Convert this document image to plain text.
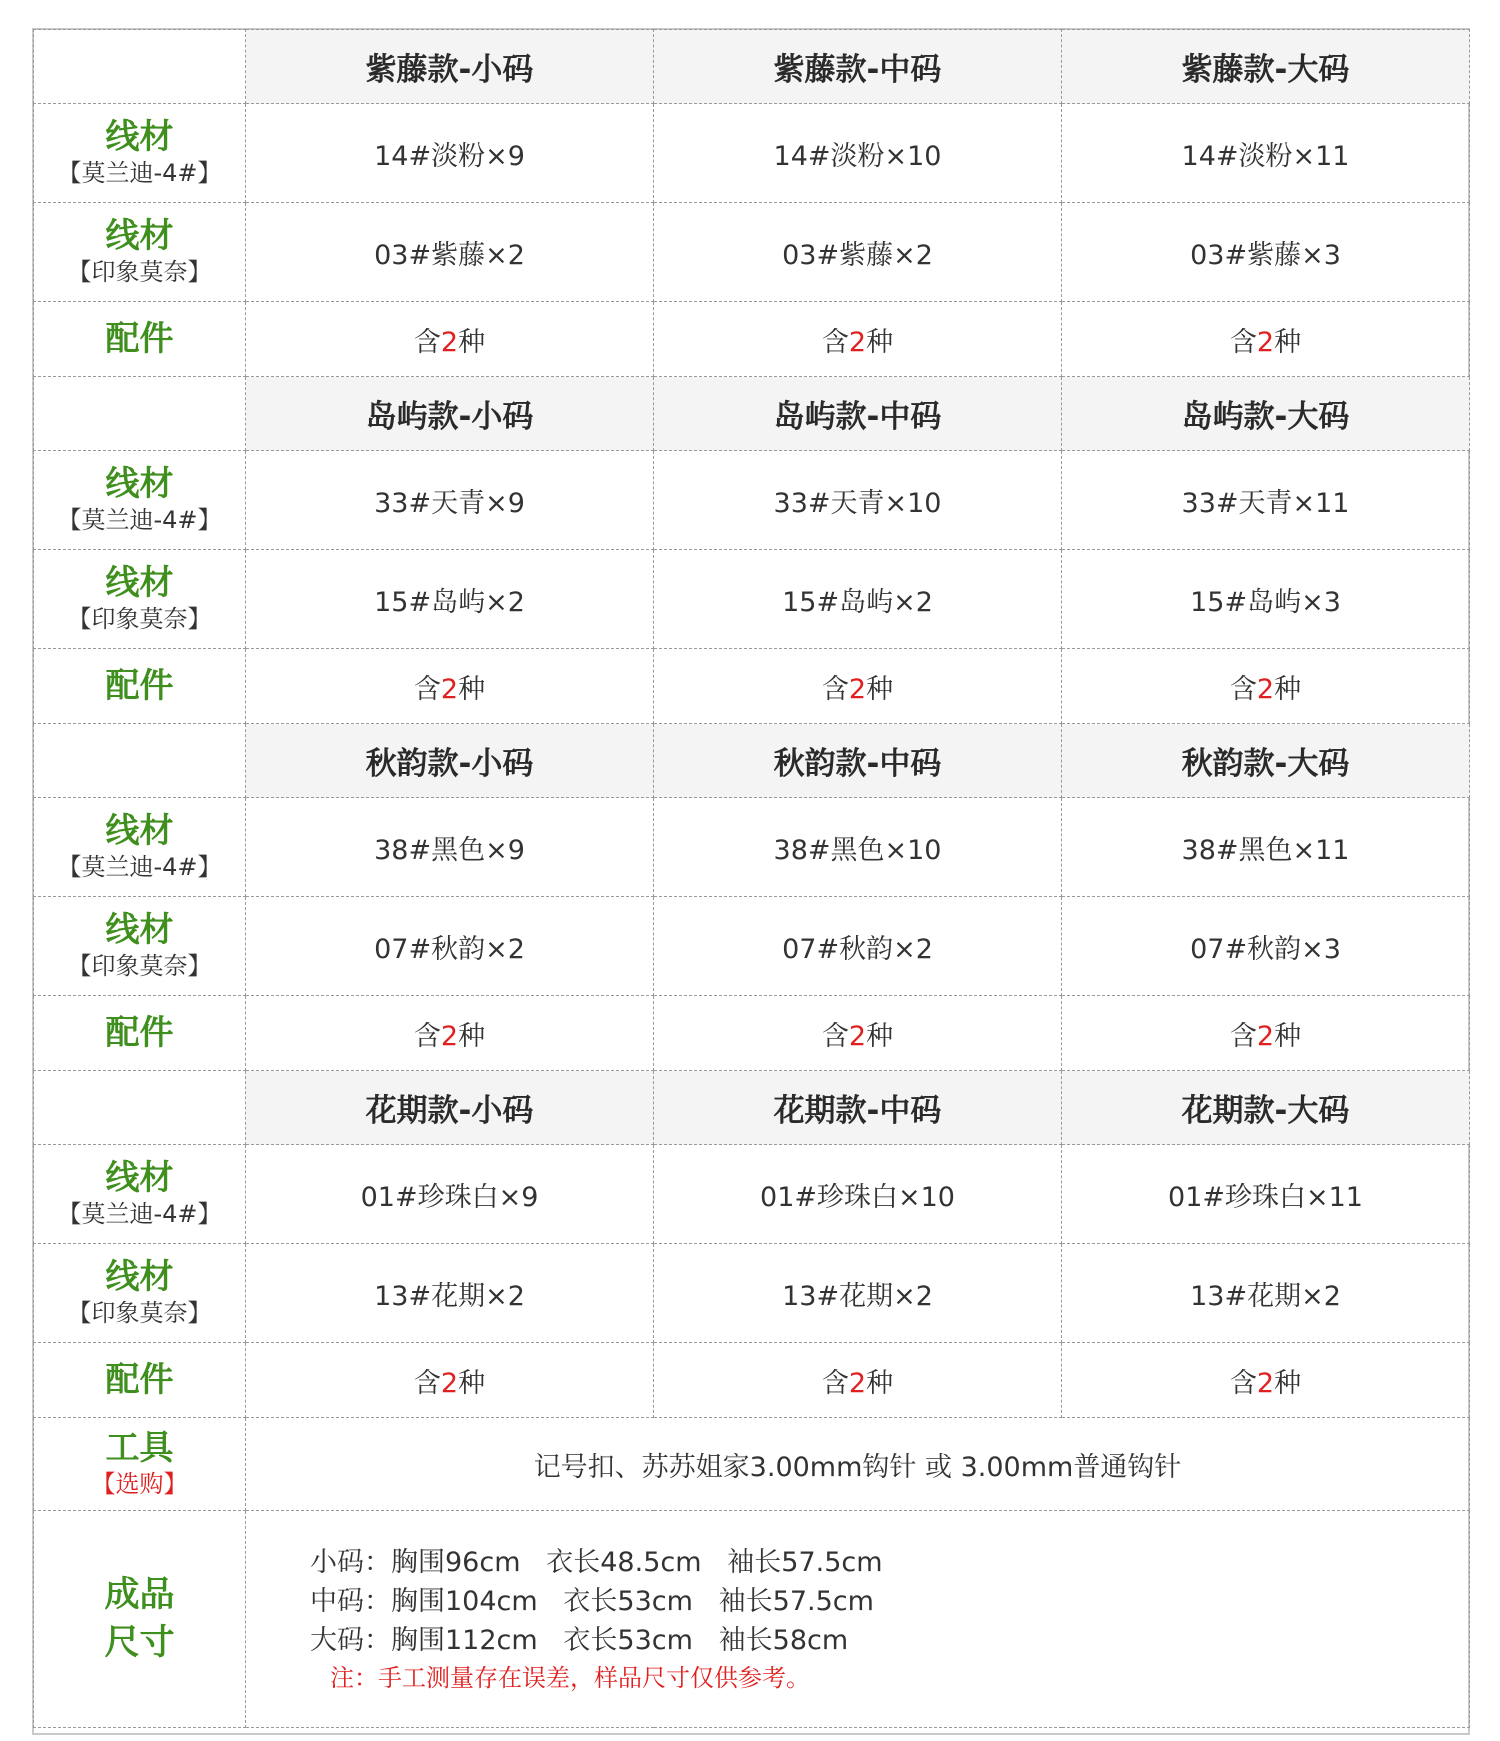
	紫藤款-小码	紫藤款-中码	紫藤款-大码

线材
【莫兰迪-4#】	14#淡粉×9	14#淡粉×10	14#淡粉×11

线材
【印象莫奈】	03#紫藤×2	03#紫藤×2	03#紫藤×3

配件	含2种	含2种	含2种
	岛屿款-小码	岛屿款-中码	岛屿款-大码

线材
【莫兰迪-4#】	33#天青×9	33#天青×10	33#天青×11

线材
【印象莫奈】	15#岛屿×2	15#岛屿×2	15#岛屿×3

配件	含2种	含2种	含2种
	秋韵款-小码	秋韵款-中码	秋韵款-大码

线材
【莫兰迪-4#】	38#黑色×9	38#黑色×10	38#黑色×11

线材
【印象莫奈】	07#秋韵×2	07#秋韵×2	07#秋韵×3

配件	含2种	含2种	含2种
	花期款-小码	花期款-中码	花期款-大码

线材
【莫兰迪-4#】	01#珍珠白×9	01#珍珠白×10	01#珍珠白×11

线材
【印象莫奈】	13#花期×2	13#花期×2	13#花期×2

配件	含2种	含2种	含2种

工具
【选购】	记号扣、苏苏姐家3.00mm钩针 或 3.00mm普通钩针		

成品
尺寸	小码：胸围96cm   衣长48.5cm   袖长57.5cm
中码：胸围104cm   衣长53cm   袖长57.5cm
大码：胸围112cm   衣长53cm   袖长58cm
注：手工测量存在误差，样品尺寸仅供参考。		
